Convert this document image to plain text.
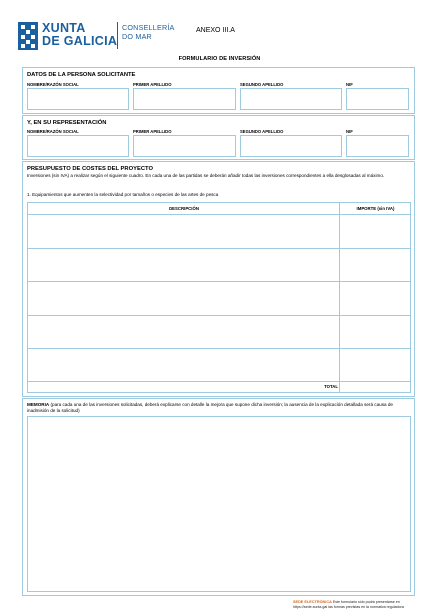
XUNTA
DE GALICIA
CONSELLERÍA
DO MAR
ANEXO III.A
FORMULARIO DE INVERSIÓN
DATOS DE LA PERSONA SOLICITANTE
NOMBRE/RAZÓN SOCIAL	PRIMER APELLIDO	SEGUNDO APELLIDO	NIF
Y, EN SU REPRESENTACIÓN
NOMBRE/RAZÓN SOCIAL	PRIMER APELLIDO	SEGUNDO APELLIDO	NIF
PRESUPUESTO DE COSTES DEL PROYECTO
Inversiones (sin IVA) a realizar según el siguiente cuadro. En cada una de las partidas se deberán añadir todas las inversiones correspondientes a ella desglosadas al máximo.
1. Equipamientos que aumenten la selectividad por tamaños o especies de las artes de pesca
DESCRIPCIÓN	IMPORTE (sin IVA)
TOTAL
MEMORIA (para cada una de las inversiones solicitadas, deberá explicarse con detalle la mejora que supone dicha inversión; la ausencia de la explicación detallada será causa de inadmisión de la solicitud)
SEDE ELECTRÓNICA Este formulario sólo podrá presentarse en
https://sede.xunta.gal las formas previstas en la normativa reguladora
